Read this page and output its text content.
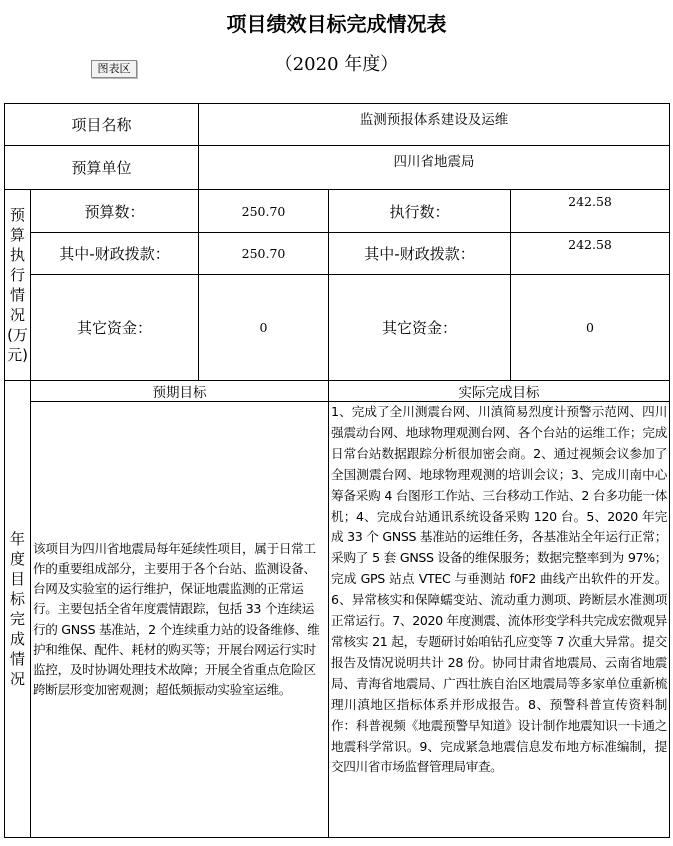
项目绩效目标完成情况表
（2020 年度）
图表区
项目名称		监测预报体系建设及运维		
预算单位		四川省地震局		
预算执行情况(万元)	预算数：	250.70	执行数：	242.58
	其中-财政拨款：	250.70	其中-财政拨款：	242.58
	其它资金：	0	其它资金：	0
年度目标完成情况	预期目标		实际完成目标	
	该项目为四川省地震局每年延续性项目，属于日常工作的重要组成部分，主要用于各个台站、监测设备、台网及实验室的运行维护，保证地震监测的正常运行。主要包括全省年度震情跟踪，包括 33 个连续运行的 GNSS 基准站，2 个连续重力站的设备维修、维护和维保、配件、耗材的购买等；开展台网运行实时监控，及时协调处理技术故障；开展全省重点危险区跨断层形变加密观测；超低频振动实验室运维。		1、完成了全川测震台网、川滇简易烈度计预警示范网、四川强震动台网、地球物理观测台网、各个台站的运维工作；完成日常台站数据跟踪分析很加密会商。2、通过视频会议参加了全国测震台网、地球物理观测的培训会议；3、完成川南中心筹备采购 4 台图形工作站、三台移动工作站、2 台多功能一体机；4、完成台站通讯系统设备采购 120 台。5、2020 年完成 33 个 GNSS 基准站的运维任务，各基准站全年运行正常；采购了 5 套 GNSS 设备的维保服务；数据完整率到为 97%；完成 GPS 站点 VTEC 与垂测站 f0F2 曲线产出软件的开发。6、异常核实和保障蠕变站、流动重力测项、跨断层水准测项正常运行。7、2020 年度测震、流体形变学科共完成宏微观异常核实 21 起，专题研讨始咱钻孔应变等 7 次重大异常。提交报告及情况说明共计 28 份。协同甘肃省地震局、云南省地震局、青海省地震局、广西壮族自治区地震局等多家单位重新梳理川滇地区指标体系并形成报告。8、预警科普宣传资料制作：科普视频《地震预警早知道》设计制作地震知识一卡通之地震科学常识。9、完成紧急地震信息发布地方标准编制，提交四川省市场监督管理局审查。	
